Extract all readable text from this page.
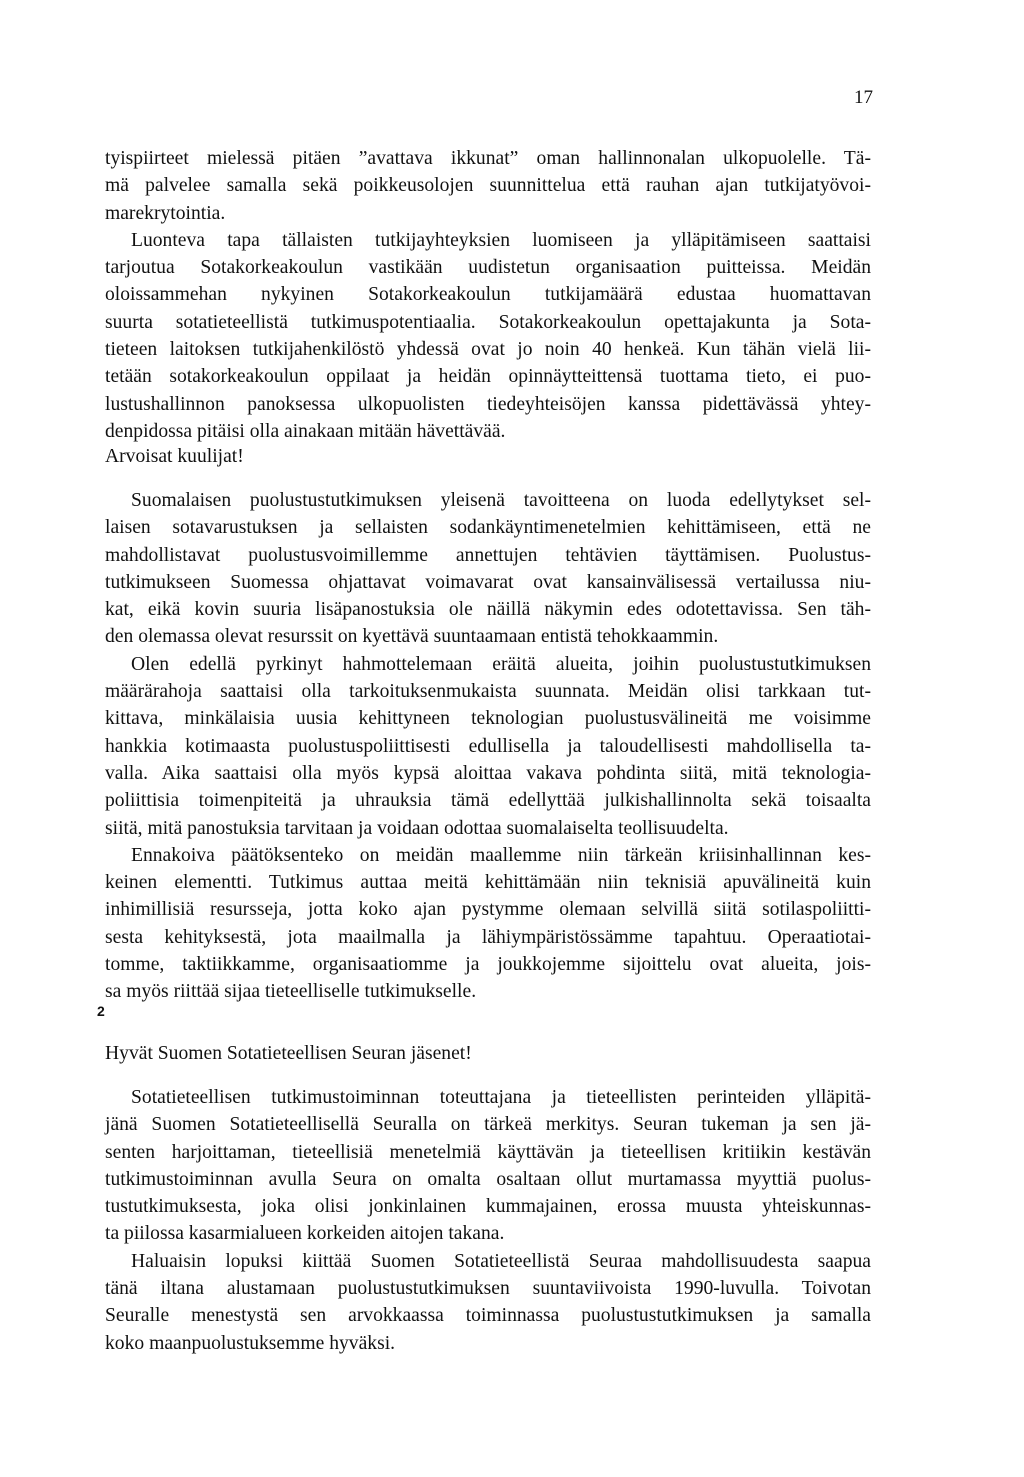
17
tyispiirteet mielessä pitäen ”avattava ikkunat” oman hallinnonalan ulkopuolelle. Tä-
mä palvelee samalla sekä poikkeusolojen suunnittelua että rauhan ajan tutkijatyövoi-
marekrytointia.
Luonteva tapa tällaisten tutkijayhteyksien luomiseen ja ylläpitämiseen saattaisi
tarjoutua Sotakorkeakoulun vastikään uudistetun organisaation puitteissa. Meidän
oloissammehan nykyinen Sotakorkeakoulun tutkijamäärä edustaa huomattavan
suurta sotatieteellistä tutkimuspotentiaalia. Sotakorkeakoulun opettajakunta ja Sota-
tieteen laitoksen tutkijahenkilöstö yhdessä ovat jo noin 40 henkeä. Kun tähän vielä lii-
tetään sotakorkeakoulun oppilaat ja heidän opinnäytteittensä tuottama tieto, ei puo-
lustushallinnon panoksessa ulkopuolisten tiedeyhteisöjen kanssa pidettävässä yhtey-
denpidossa pitäisi olla ainakaan mitään hävettävää.
Arvoisat kuulijat!
Suomalaisen puolustustutkimuksen yleisenä tavoitteena on luoda edellytykset sel-
laisen sotavarustuksen ja sellaisten sodankäyntimenetelmien kehittämiseen, että ne
mahdollistavat puolustusvoimillemme annettujen tehtävien täyttämisen. Puolustus-
tutkimukseen Suomessa ohjattavat voimavarat ovat kansainvälisessä vertailussa niu-
kat, eikä kovin suuria lisäpanostuksia ole näillä näkymin edes odotettavissa. Sen täh-
den olemassa olevat resurssit on kyettävä suuntaamaan entistä tehokkaammin.
Olen edellä pyrkinyt hahmottelemaan eräitä alueita, joihin puolustustutkimuksen
määrärahoja saattaisi olla tarkoituksenmukaista suunnata. Meidän olisi tarkkaan tut-
kittava, minkälaisia uusia kehittyneen teknologian puolustusvälineitä me voisimme
hankkia kotimaasta puolustuspoliittisesti edullisella ja taloudellisesti mahdollisella ta-
valla. Aika saattaisi olla myös kypsä aloittaa vakava pohdinta siitä, mitä teknologia-
poliittisia toimenpiteitä ja uhrauksia tämä edellyttää julkishallinnolta sekä toisaalta
siitä, mitä panostuksia tarvitaan ja voidaan odottaa suomalaiselta teollisuudelta.
Ennakoiva päätöksenteko on meidän maallemme niin tärkeän kriisinhallinnan kes-
keinen elementti. Tutkimus auttaa meitä kehittämään niin teknisiä apuvälineitä kuin
inhimillisiä resursseja, jotta koko ajan pystymme olemaan selvillä siitä sotilaspoliitti-
sesta kehityksestä, jota maailmalla ja lähiympäristössämme tapahtuu. Operaatiotai-
tomme, taktiikkamme, organisaatiomme ja joukkojemme sijoittelu ovat alueita, jois-
sa myös riittää sijaa tieteelliselle tutkimukselle.
Hyvät Suomen Sotatieteellisen Seuran jäsenet!
Sotatieteellisen tutkimustoiminnan toteuttajana ja tieteellisten perinteiden ylläpitä-
jänä Suomen Sotatieteellisellä Seuralla on tärkeä merkitys. Seuran tukeman ja sen jä-
senten harjoittaman, tieteellisiä menetelmiä käyttävän ja tieteellisen kritiikin kestävän
tutkimustoiminnan avulla Seura on omalta osaltaan ollut murtamassa myyttiä puolus-
tustutkimuksesta, joka olisi jonkinlainen kummajainen, erossa muusta yhteiskunnas-
ta piilossa kasarmialueen korkeiden aitojen takana.
Haluaisin lopuksi kiittää Suomen Sotatieteellistä Seuraa mahdollisuudesta saapua
tänä iltana alustamaan puolustustutkimuksen suuntaviivoista 1990-luvulla. Toivotan
Seuralle menestystä sen arvokkaassa toiminnassa puolustustutkimuksen ja samalla
koko maanpuolustuksemme hyväksi.
2
